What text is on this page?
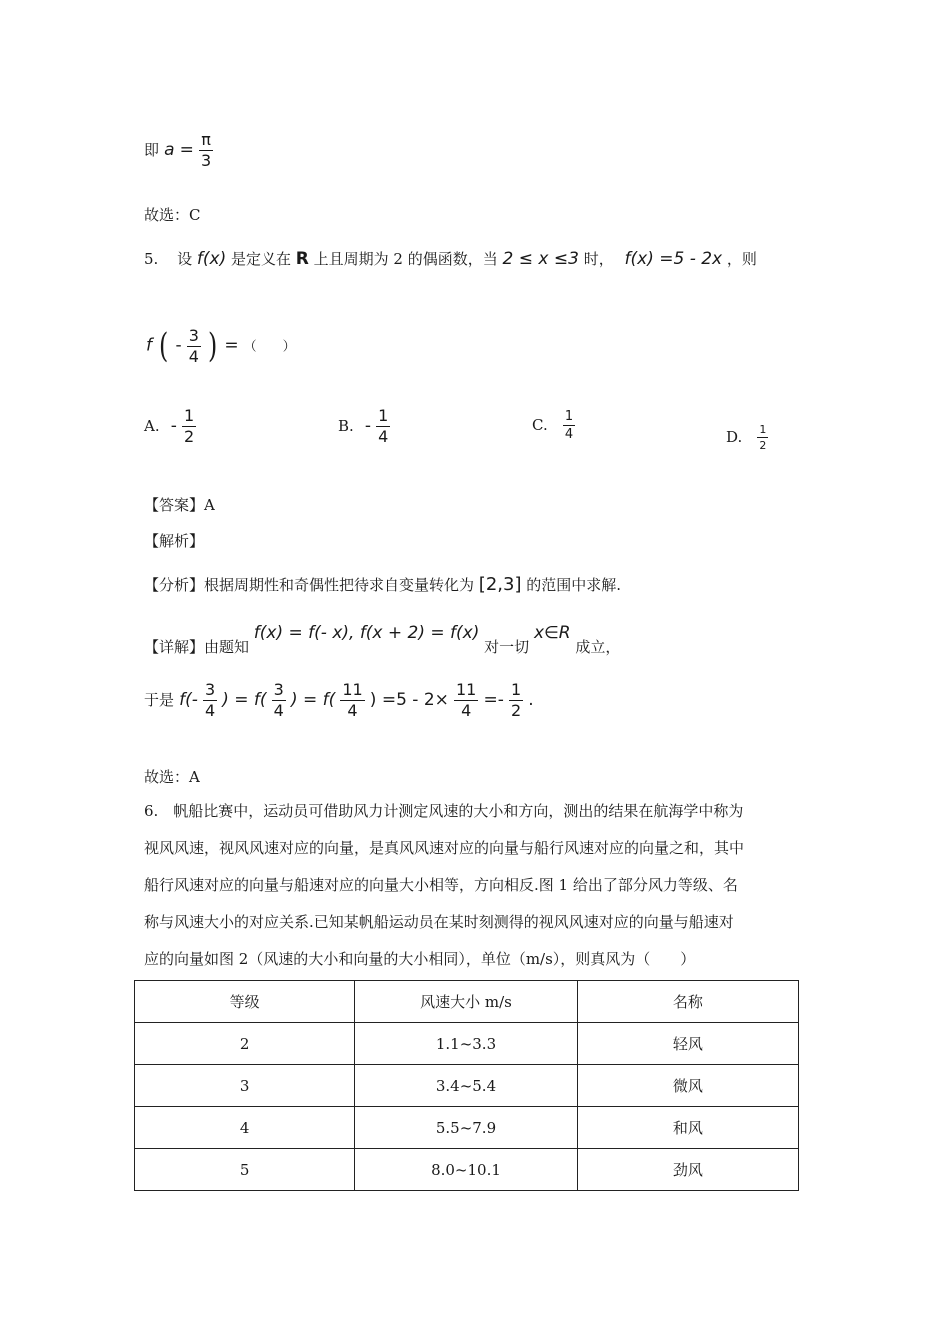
即 $a = \frac{\pi}{3}$
故选：C
5. 设 f(x) 是定义在 R 上且周期为 2 的偶函数，当 2 ≤ x ≤3 时， f(x) =5 - 2x ，则
f ( - $\frac{3}{4}$ ) = （　　）
A. - $\frac{1}{2}$	B. - $\frac{1}{4}$	C. $\frac{1}{4}$	D. $\frac{1}{2}$
【答案】A
【解析】
【分析】根据周期性和奇偶性把待求自变量转化为 [2,3] 的范围中求解.
【详解】由题知 f(x) = f(- x), f(x + 2) = f(x) 对一切 x∈R 成立，
于是 $f(- \frac{3}{4}$ ) = $f( \frac{3}{4}$ ) = $f( \frac{11}{4}$ ) $=5 - 2\times \frac{11}{4} =- \frac{1}{2}$ .
故选：A
6.　帆船比赛中，运动员可借助风力计测定风速的大小和方向，测出的结果在航海学中称为
视风风速，视风风速对应的向量，是真风风速对应的向量与船行风速对应的向量之和，其中
船行风速对应的向量与船速对应的向量大小相等，方向相反.图 1 给出了部分风力等级、名
称与风速大小的对应关系.已知某帆船运动员在某时刻测得的视风风速对应的向量与船速对
应的向量如图 2（风速的大小和向量的大小相同），单位（m/s），则真风为（　　）
等级	风速大小 m/s	名称
2	1.1~3.3	轻风
3	3.4~5.4	微风
4	5.5~7.9	和风
5	8.0~10.1	劲风
